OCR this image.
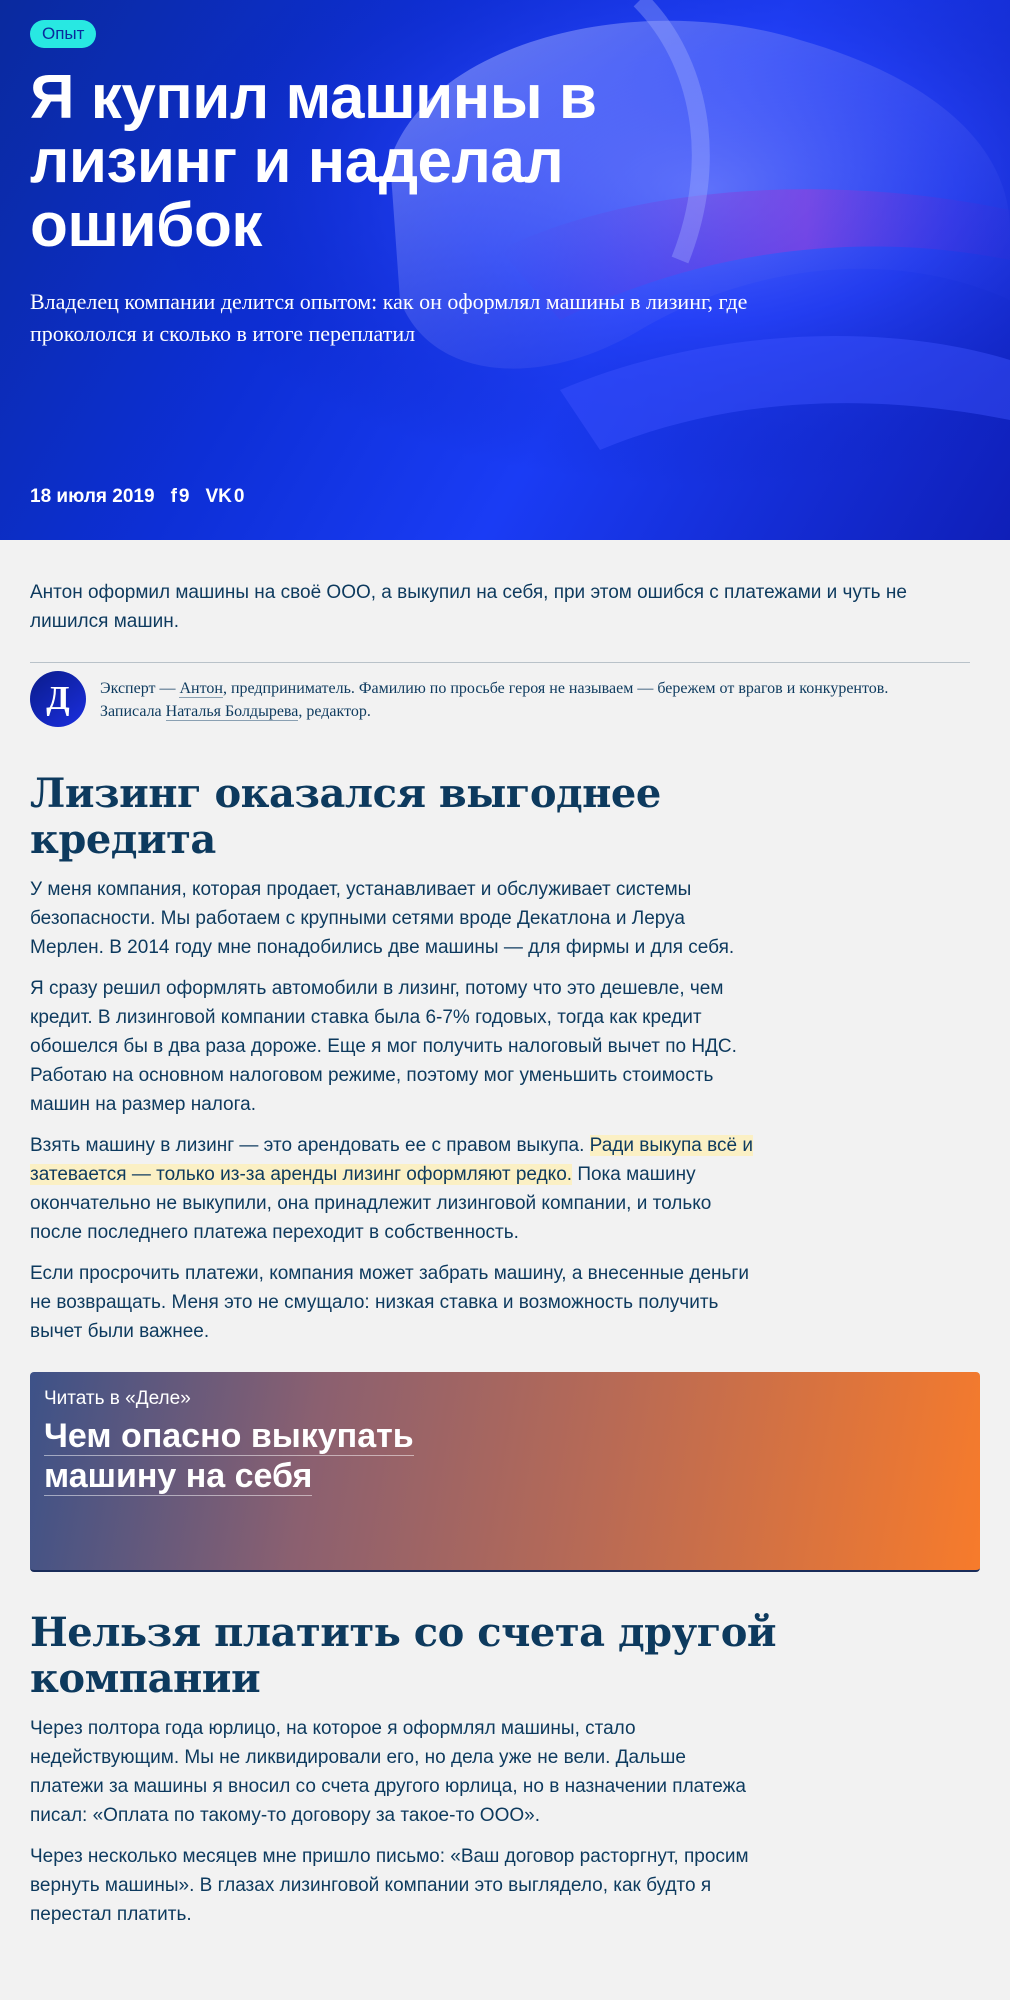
Опыт
Я купил машины в лизинг и наделал ошибок
Владелец компании делится опытом: как он оформлял машины в лизинг, где прокололся и сколько в итоге переплатил
18 июля 2019 f 9 VK 0

Антон оформил машины на своё ООО, а выкупил на себя, при этом ошибся с платежами и чуть не лишился машин.

Д	Эксперт — Антон, предприниматель. Фамилию по просьбе героя не называем — бережем от врагов и конкурентов. Записала Наталья Болдырева, редактор.
Лизинг оказался выгоднее кредита

У меня компания, которая продает, устанавливает и обслуживает системы безопасности. Мы работаем с крупными сетями вроде Декатлона и Леруа Мерлен. В 2014 году мне понадобились две машины — для фирмы и для себя.

Я сразу решил оформлять автомобили в лизинг, потому что это дешевле, чем кредит. В лизинговой компании ставка была 6-7% годовых, тогда как кредит обошелся бы в два раза дороже. Еще я мог получить налоговый вычет по НДС. Работаю на основном налоговом режиме, поэтому мог уменьшить стоимость машин на размер налога.

Взять машину в лизинг — это арендовать ее с правом выкупа. Ради выкупа всё и затевается — только из-за аренды лизинг оформляют редко. Пока машину окончательно не выкупили, она принадлежит лизинговой компании, и только после последнего платежа переходит в собственность.

Если просрочить платежи, компания может забрать машину, а внесенные деньги не возвращать. Меня это не смущало: низкая ставка и возможность получить вычет были важнее.

Читать в «Деле»
Чем опасно выкупать
машину на себя
Нельзя платить со счета другой компании

Через полтора года юрлицо, на которое я оформлял машины, стало недействующим. Мы не ликвидировали его, но дела уже не вели. Дальше платежи за машины я вносил со счета другого юрлица, но в назначении платежа писал: «Оплата по такому-то договору за такое-то ООО».

Через несколько месяцев мне пришло письмо: «Ваш договор расторгнут, просим вернуть машины». В глазах лизинговой компании это выглядело, как будто я перестал платить.
